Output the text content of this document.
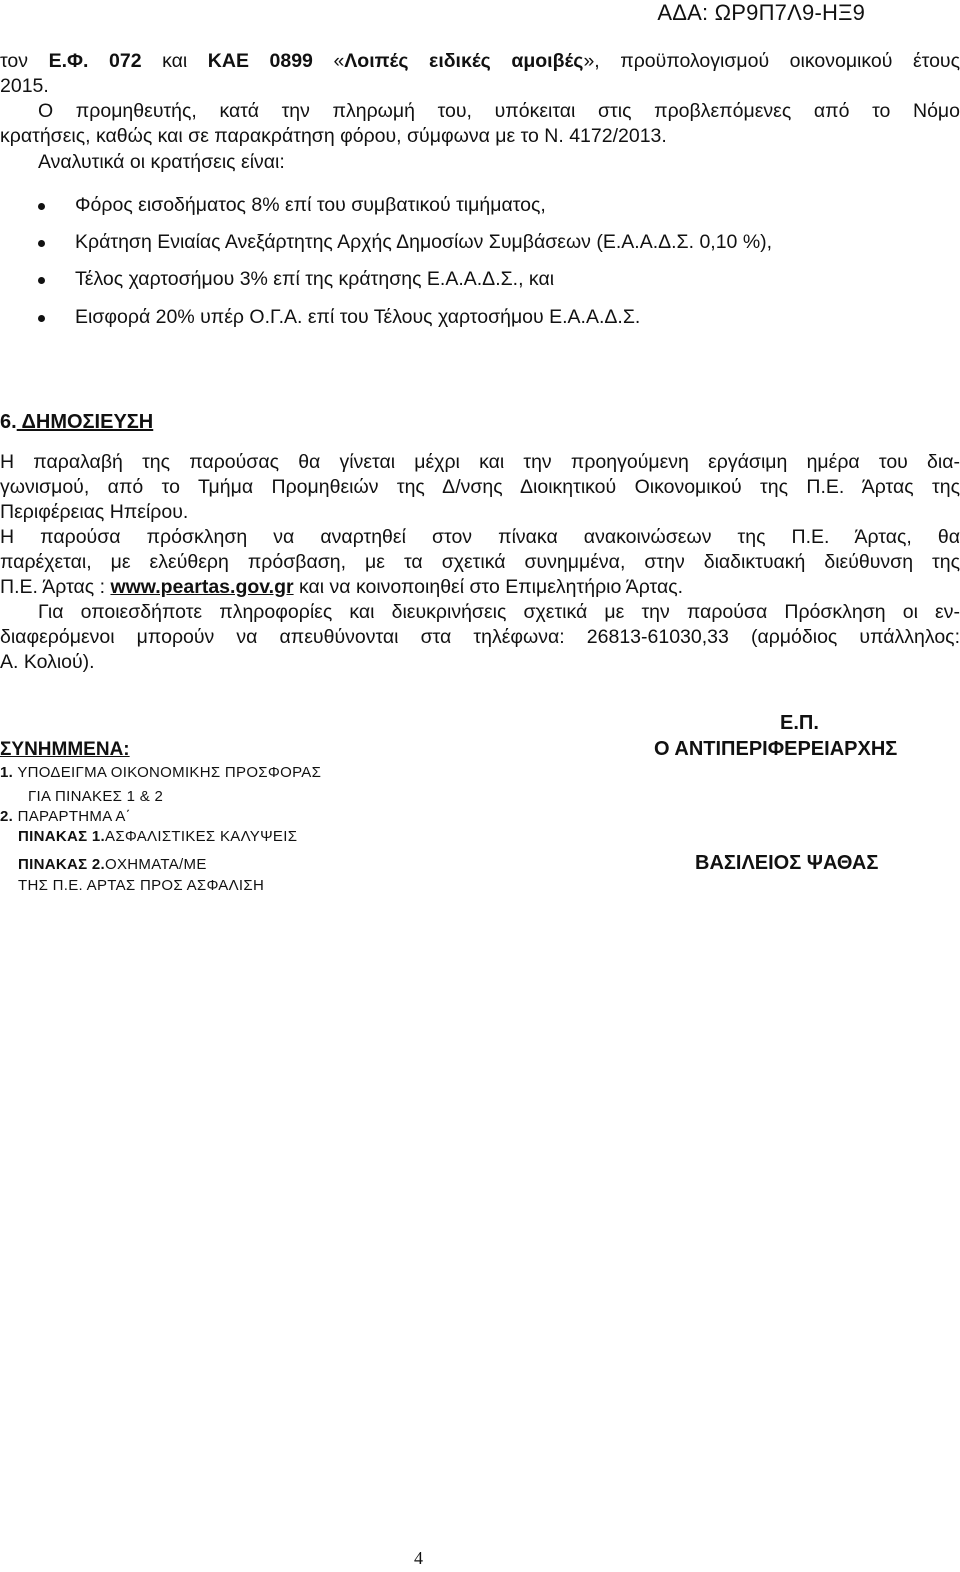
ΑΔΑ: ΩΡ9Π7Λ9-ΗΞ9
τον Ε.Φ. 072 και ΚΑΕ 0899 «Λοιπές ειδικές αμοιβές», προϋπολογισμού οικονομικού έτους
2015.
Ο προμηθευτής, κατά την πληρωμή του, υπόκειται στις προβλεπόμενες από το Νόμο
κρατήσεις, καθώς και σε παρακράτηση φόρου, σύμφωνα με το Ν. 4172/2013.
Αναλυτικά οι κρατήσεις είναι:
Φόρος εισοδήματος 8% επί του συμβατικού τιμήματος,
Κράτηση Ενιαίας Ανεξάρτητης Αρχής Δημοσίων Συμβάσεων (Ε.Α.Α.Δ.Σ. 0,10 %),
Τέλος χαρτοσήμου 3% επί της κράτησης Ε.Α.Α.Δ.Σ., και
Εισφορά 20% υπέρ Ο.Γ.Α. επί του Τέλους χαρτοσήμου Ε.Α.Α.Δ.Σ.
6. ΔΗΜΟΣΙΕΥΣΗ
Η παραλαβή της παρούσας θα γίνεται μέχρι και την προηγούμενη εργάσιμη ημέρα του δια-
γωνισμού, από το Τμήμα Προμηθειών της Δ/νσης Διοικητικού Οικονομικού της Π.Ε. Άρτας της
Περιφέρειας Ηπείρου.
Η παρούσα πρόσκληση να αναρτηθεί στον πίνακα ανακοινώσεων της Π.Ε. Άρτας, θα
παρέχεται, με ελεύθερη πρόσβαση, με τα σχετικά συνημμένα, στην διαδικτυακή διεύθυνση της
Π.Ε. Άρτας : www.peartas.gov.gr και να κοινοποιηθεί στο Επιμελητήριο Άρτας.
Για οποιεσδήποτε πληροφορίες και διευκρινήσεις σχετικά με την παρούσα Πρόσκληση οι εν-
διαφερόμενοι μπορούν να απευθύνονται στα τηλέφωνα: 26813-61030,33 (αρμόδιος υπάλληλος:
Α. Κολιού).
ΣΥΝΗΜΜΕΝΑ:
1. ΥΠΟΔΕΙΓΜΑ ΟΙΚΟΝΟΜΙΚΗΣ ΠΡΟΣΦΟΡΑΣ
ΓΙΑ ΠΙΝΑΚΕΣ 1 & 2
2. ΠΑΡΑΡΤΗΜΑ Α΄
ΠΙΝΑΚΑΣ 1.ΑΣΦΑΛΙΣΤΙΚΕΣ ΚΑΛΥΨΕΙΣ
ΠΙΝΑΚΑΣ 2.ΟΧΗΜΑΤΑ/ΜΕ
ΤΗΣ Π.Ε. ΑΡΤΑΣ ΠΡΟΣ ΑΣΦΑΛΙΣΗ
Ε.Π.
Ο ΑΝΤΙΠΕΡΙΦΕΡΕΙΑΡΧΗΣ
ΒΑΣΙΛΕΙΟΣ ΨΑΘΑΣ
4
